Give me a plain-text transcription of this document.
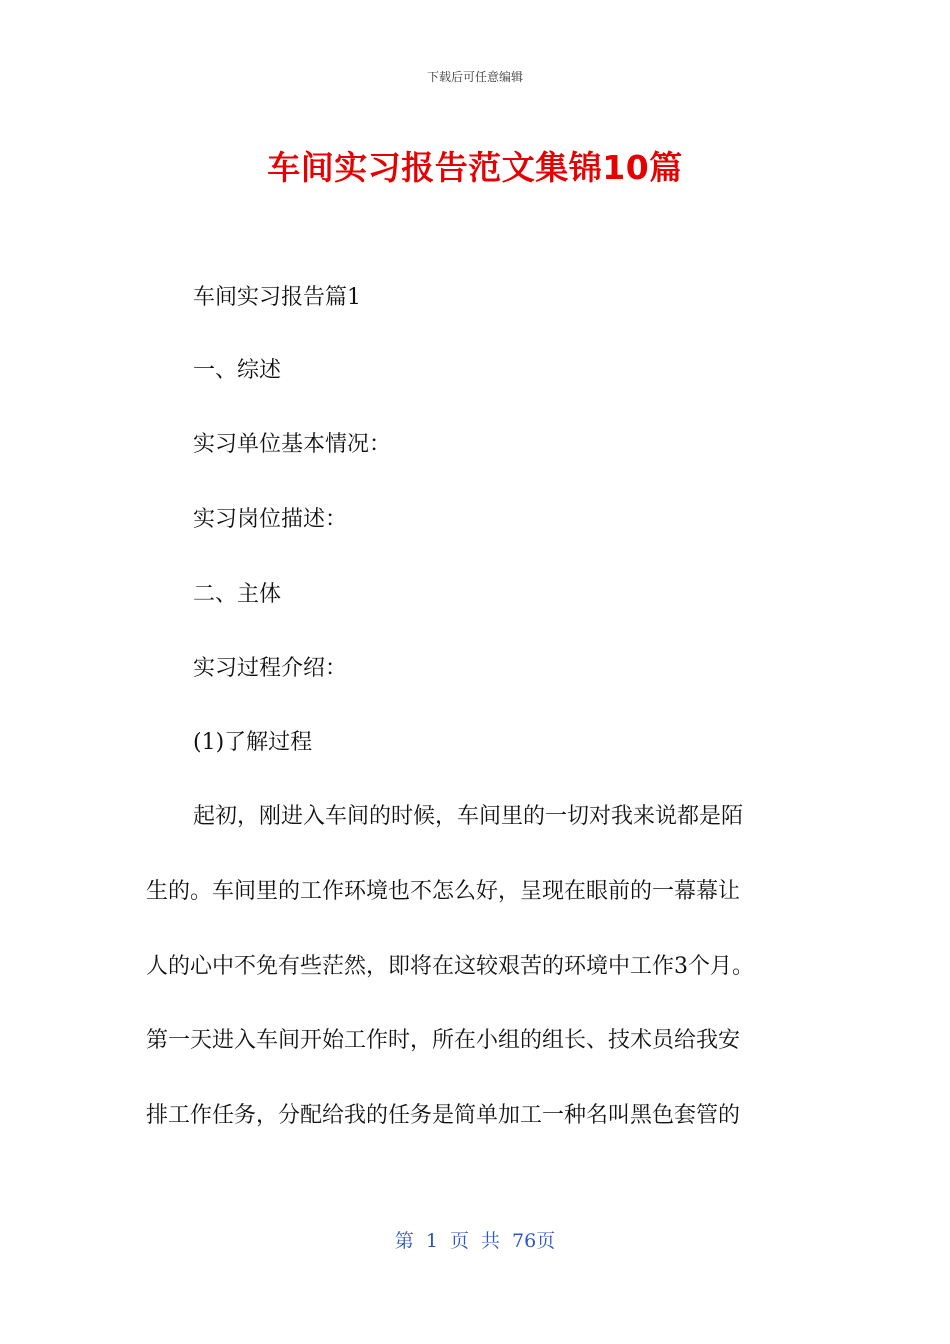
下载后可任意编辑
车间实习报告范文集锦10篇
车间实习报告篇1
一、综述
实习单位基本情况：
实习岗位描述：
二、主体
实习过程介绍：
(1)了解过程
起初，刚进入车间的时候，车间里的一切对我来说都是陌
生的。车间里的工作环境也不怎么好，呈现在眼前的一幕幕让
人的心中不免有些茫然，即将在这较艰苦的环境中工作3个月。
第一天进入车间开始工作时，所在小组的组长、技术员给我安
排工作任务，分配给我的任务是简单加工一种名叫黑色套管的
第 1 页 共 76页
